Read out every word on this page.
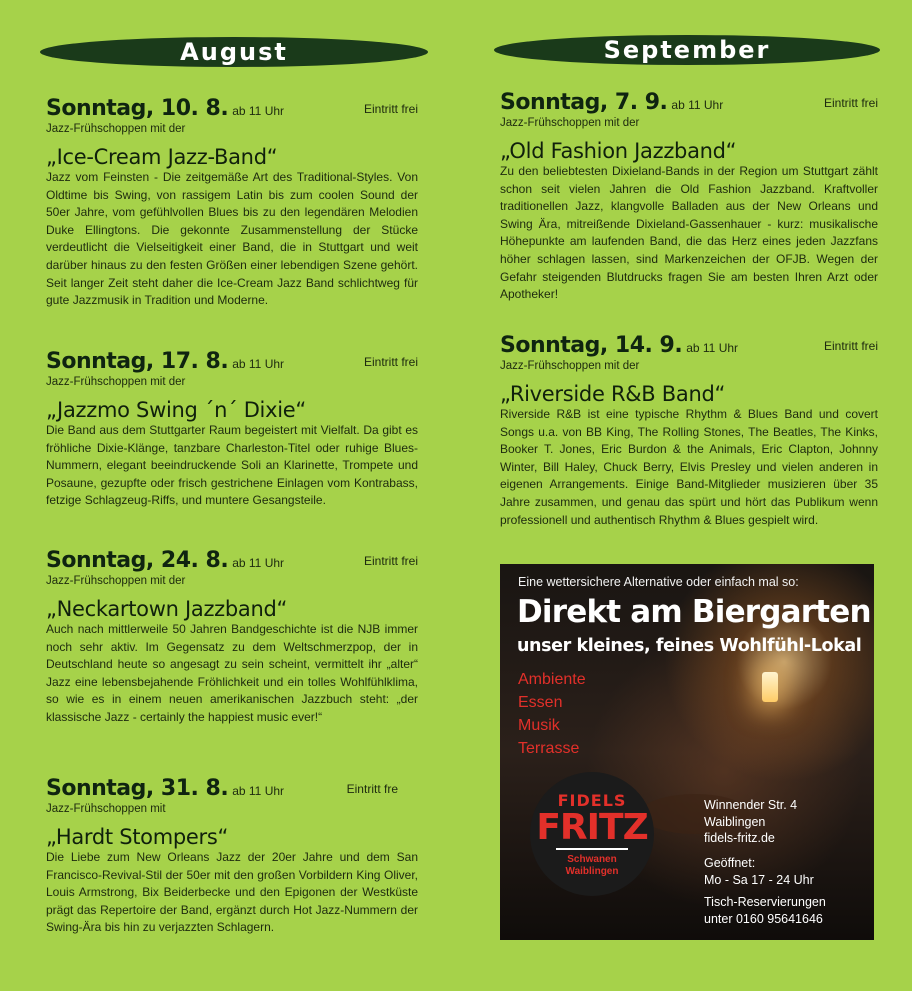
August	September
Sonntag, 10. 8. ab 11 Uhr	Eintritt frei
Jazz-Frühschoppen mit der
„Ice-Cream Jazz-Band“
Jazz vom Feinsten - Die zeitgemäße Art des Traditional-Styles. Von Oldtime bis Swing, von rassigem Latin bis zum coolen Sound der 50er Jahre, vom gefühlvollen Blues bis zu den legendären Melodien Duke Ellingtons. Die gekonnte Zusammenstellung der Stücke verdeutlicht die Vielseitigkeit einer Band, die in Stuttgart und weit darüber hinaus zu den festen Größen einer lebendigen Szene gehört. Seit langer Zeit steht daher die Ice-Cream Jazz Band schlichtweg für gute Jazzmusik in Tradition und Moderne.
Sonntag, 17. 8. ab 11 Uhr	Eintritt frei
Jazz-Frühschoppen mit der
„Jazzmo Swing ´n´ Dixie“
Die Band aus dem Stuttgarter Raum begeistert mit Vielfalt. Da gibt es fröhliche Dixie-Klänge, tanzbare Charleston-Titel oder ruhige Blues-Nummern, elegant beeindruckende Soli an Klarinette, Trompete und Posaune, gezupfte oder frisch gestrichene Einlagen vom Kontrabass, fetzige Schlagzeug-Riffs, und muntere Gesangsteile.
Sonntag, 24. 8. ab 11 Uhr	Eintritt frei
Jazz-Frühschoppen mit der
„Neckartown Jazzband“
Auch nach mittlerweile 50 Jahren Bandgeschichte ist die NJB immer noch sehr aktiv. Im Gegensatz zu dem Weltschmerzpop, der in Deutschland heute so angesagt zu sein scheint, vermittelt ihr „alter“ Jazz eine lebensbejahende Fröhlichkeit und ein tolles Wohlfühlklima, so wie es in einem neuen amerikanischen Jazzbuch steht: „der klassische Jazz - certainly the happiest music ever!“
Sonntag, 31. 8. ab 11 Uhr	Eintritt fre
Jazz-Frühschoppen mit
„Hardt Stompers“
Die Liebe zum New Orleans Jazz der 20er Jahre und dem San Francisco-Revival-Stil der 50er mit den großen Vorbildern King Oliver, Louis Armstrong, Bix Beiderbecke und den Epigonen der Westküste prägt das Repertoire der Band, ergänzt durch Hot Jazz-Nummern der Swing-Ära bis hin zu verjazzten Schlagern.
Sonntag, 7. 9. ab 11 Uhr	Eintritt frei
Jazz-Frühschoppen mit der
„Old Fashion Jazzband“
Zu den beliebtesten Dixieland-Bands in der Region um Stuttgart zählt schon seit vielen Jahren die Old Fashion Jazzband. Kraftvoller traditionellen Jazz, klangvolle Balladen aus der New Orleans und Swing Ära, mitreißende Dixieland-Gassenhauer - kurz: musikalische Höhepunkte am laufenden Band, die das Herz eines jeden Jazzfans höher schlagen lassen, sind Markenzeichen der OFJB. Wegen der Gefahr steigenden Blutdrucks fragen Sie am besten Ihren Arzt oder Apotheker!
Sonntag, 14. 9. ab 11 Uhr	Eintritt frei
Jazz-Frühschoppen mit der
„Riverside R&B Band“
Riverside R&B ist eine typische Rhythm & Blues Band und covert Songs u.a. von BB King, The Rolling Stones, The Beatles, The Kinks, Booker T. Jones, Eric Burdon & the Animals, Eric Clapton, Johnny Winter, Bill Haley, Chuck Berry, Elvis Presley und vielen anderen in eigenen Arrangements. Einige Band-Mitglieder musizieren über 35 Jahre zusammen, und genau das spürt und hört das Publikum wenn professionell und authentisch Rhythm & Blues gespielt wird.
Eine wettersichere Alternative oder einfach mal so:
Direkt am Biergarten
unser kleines, feines Wohlfühl-Lokal
Ambiente
Essen
Musik
Terrasse
FIDELS
FRITZ
Schwanen
Waiblingen
Winnender Str. 4
Waiblingen
fidels-fritz.de
Geöffnet:
Mo - Sa 17 - 24 Uhr
Tisch-Reservierungen
unter 0160 95641646
